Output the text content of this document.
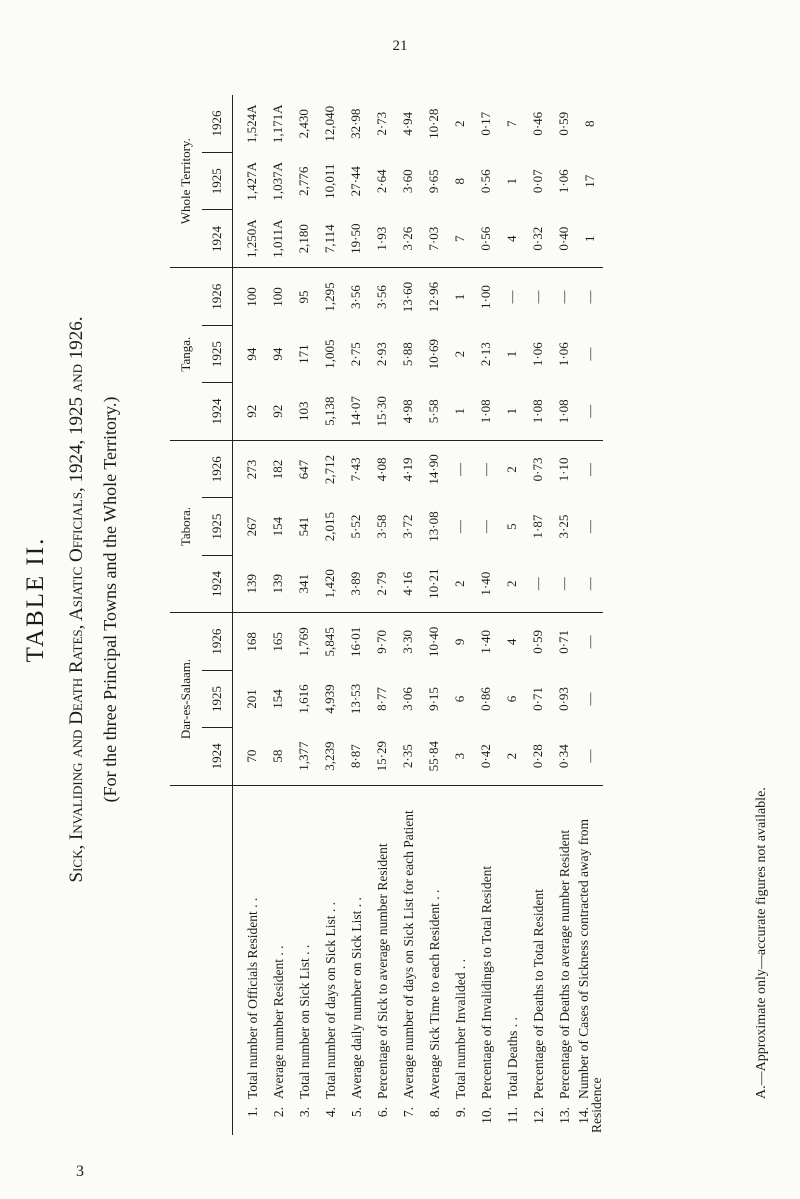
21
TABLE II. Sick, Invaliding and Death Rates, Asiatic Officials, 1924, 1925 and 1926. (For the three Principal Towns and the Whole Territory.)
		Dar-es-Salaam.			Tabora.			Tanga.			Whole Territory.		
	1924	1925	1926	1924	1925	1926	1924	1925	1926	1924	1925	1926
1.Total number of Officials Resident . .	70	201	168	139	267	273	92	94	100	1,250A	1,427A	1,524A
2.Average number Resident . .	58	154	165	139	154	182	92	94	100	1,011A	1,037A	1,171A
3.Total number on Sick List . .	1,377	1,616	1,769	341	541	647	103	171	95	2,180	2,776	2,430
4.Total number of days on Sick List . .	3,239	4,939	5,845	1,420	2,015	2,712	5,138	1,005	1,295	7,114	10,011	12,040
5.Average daily number on Sick List . .	8·87	13·53	16·01	3·89	5·52	7·43	14·07	2·75	3·56	19·50	27·44	32·98
6.Percentage of Sick to average number Resident	15·29	8·77	9·70	2·79	3·58	4·08	15·30	2·93	3·56	1·93	2·64	2·73
7.Average number of days on Sick List for each Patient	2·35	3·06	3·30	4·16	3·72	4·19	4·98	5·88	13·60	3·26	3·60	4·94
8.Average Sick Time to each Resident . .	55·84	9·15	10·40	10·21	13·08	14·90	5·58	10·69	12·96	7·03	9·65	10·28
9.Total number Invalided . .	3	6	9	2	—	—	1	2	1	7	8	2
10.Percentage of Invalidings to Total Resident	0·42	0·86	1·40	1·40	—	—	1·08	2·13	1·00	0·56	0·56	0·17
11.Total Deaths . .	2	6	4	2	5	2	1	1	—	4	1	7
12.Percentage of Deaths to Total Resident	0·28	0·71	0·59	—	1·87	0·73	1·08	1·06	—	0·32	0·07	0·46
13.Percentage of Deaths to average number Resident	0·34	0·93	0·71	—	3·25	1·10	1·08	1·06	—	0·40	1·06	0·59
14.Number of Cases of Sickness contracted away from Residence	—	—	—	—	—	—	—	—	—	1	17	8
A.—Approximate only—accurate figures not available.
3
